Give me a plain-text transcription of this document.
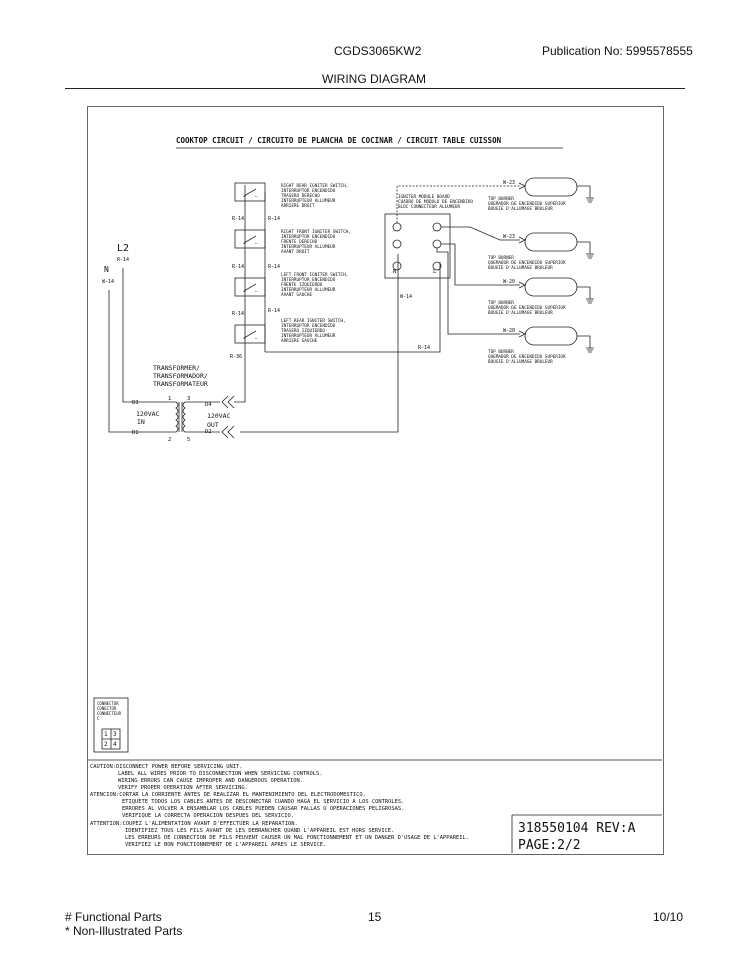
CGDS3065KW2	Publication No: 5995578555
WIRING DIAGRAM
COOKTOP CIRCUIT / CIRCUITO DE PLANCHA DE COCINAR / CIRCUIT TABLE CUISSON
L2
R-14
N
W-14
D3
D1
TRANSFORMER/
TRANSFORMADOR/
TRANSFORMATEUR
1	3
2	5
120VAC
IN
120VAC
OUT
D4
D2
R-14	R-14
R-14	R-14
R-14	R-14
R-36
R-14
RIGHT REAR IGNITER SWITCH,
INTERRUPTOR ENCENDIDO
TRASERO DERECHO
INTERRUPTEUR ALLUMEUR
ARRIERE DROIT
RIGHT FRONT IGNITER SWITCH,
INTERRUPTOR ENCENDIDO
FRENTE DERECHO
INTERRUPTEUR ALLUMEUR
AVANT DROIT
LEFT FRONT IGNITER SWITCH,
INTERRUPTOR ENCENDIDO
FRENTE IZQUIERDO
INTERRUPTEUR ALLUMEUR
AVANT GAUCHE
LEFT REAR IGNITER SWITCH,
INTERRUPTOR ENCENDIDO
TRASERO IZQUIERDO
INTERRUPTEUR ALLUMEUR
ARRIERE GAUCHE
N	L
W-14
IGNITER MODULE BOARD
CUADRO DE MODULO DE ENCENDIDO
BLOC CONNECTEUR ALLUMEUR
W-23
W-23
W-20
W-20
TOP BURNER
QUEMADOR DE ENCENDIDO SUPERIOR
BOUGIE D'ALLUMAGE BRULEUR
TOP BURNER
QUEMADOR DE ENCENDIDO SUPERIOR
BOUGIE D'ALLUMAGE BRULEUR
TOP BURNER
QUEMADOR DE ENCENDIDO SUPERIOR
BOUGIE D'ALLUMAGE BRULEUR
TOP BURNER
QUEMADOR DE ENCENDIDO SUPERIOR
BOUGIE D'ALLUMAGE BRULEUR
CONNECTOR
CONECTOR
CONNECTEUR
C
1 3
2 4
CAUTION:DISCONNECT POWER BEFORE SERVICING UNIT.
LABEL ALL WIRES PRIOR TO DISCONNECTION WHEN SERVICING CONTROLS.
WIRING ERRORS CAN CAUSE IMPROPER AND DANGEROUS OPERATION.
VERIFY PROPER OPERATION AFTER SERVICING.
ATENCION:CORTAR LA CORRIENTE ANTES DE REALIZAR EL MANTENIMIENTO DEL ELECTRODOMESTICO.
ETIQUETE TODOS LOS CABLES ANTES DE DESCONECTAR CUANDO HAGA EL SERVICIO A LOS CONTROLES.
ERRORES AL VOLVER A ENSAMBLAR LOS CABLES PUEDEN CAUSAR FALLAS U OPERACIONES PELIGROSAS.
VERIFIQUE LA CORRECTA OPERACION DESPUES DEL SERVICIO.
ATTENTION:COUPEZ L'ALIMENTATION AVANT D'EFFECTUER LA REPARATION.
IDENTIFIEZ TOUS LES FILS AVANT DE LES DEBRANCHER QUAND L'APPAREIL EST HORS SERVICE.
LES ERREURS DE CONNECTION DE FILS PEUVENT CAUSER UN MAL FONCTIONNEMENT ET UN DANGER D'USAGE DE L'APPAREIL.
VERIFIEZ LE BON FONCTIONNEMENT DE L'APPAREIL APRES LE SERVICE.
318550104 REV:A
PAGE:2/2
# Functional Parts
* Non-Illustrated Parts
15	10/10
